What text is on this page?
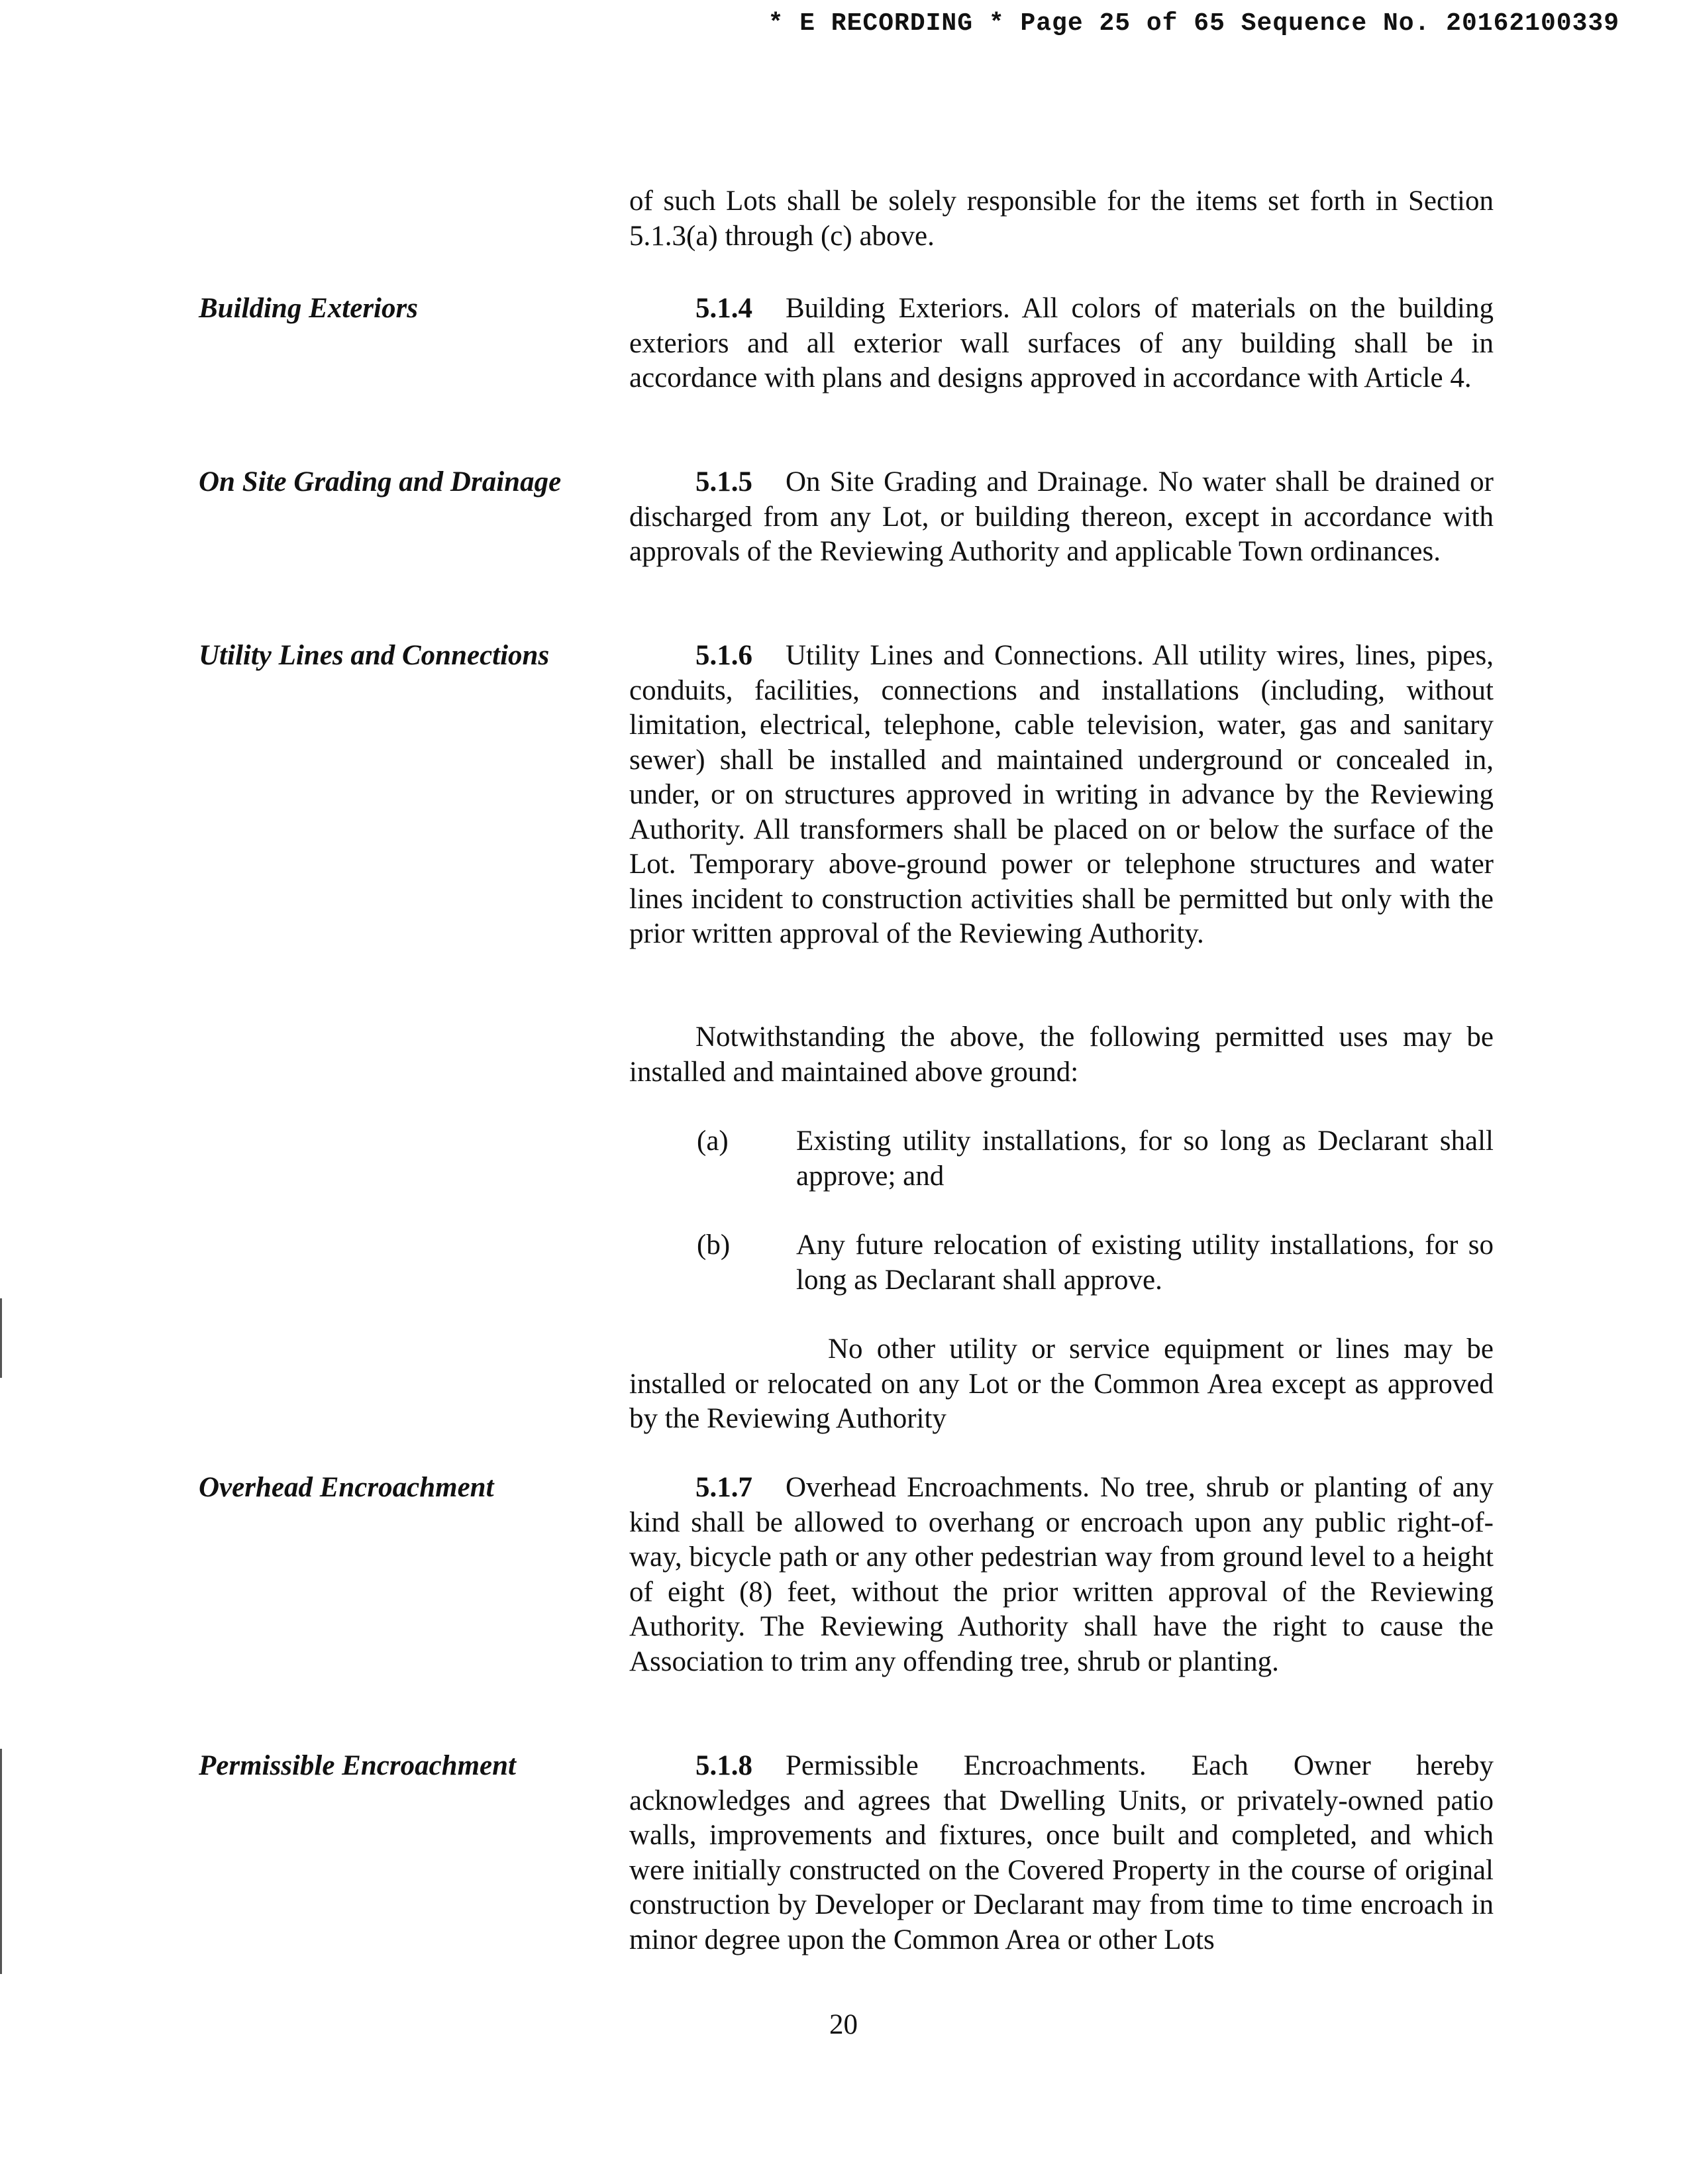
* E RECORDING * Page 25 of 65 Sequence No. 20162100339
of such Lots shall be solely responsible for the items set forth in Section 5.1.3(a) through (c) above.
Building Exteriors	5.1.4 Building Exteriors. All colors of materials on the building exteriors and all exterior wall surfaces of any building shall be in accordance with plans and designs approved in accordance with Article 4.
On Site Grading and Drainage	5.1.5 On Site Grading and Drainage. No water shall be drained or discharged from any Lot, or building thereon, except in accordance with approvals of the Reviewing Authority and applicable Town ordinances.
Utility Lines and Connections	5.1.6 Utility Lines and Connections. All utility wires, lines, pipes, conduits, facilities, connections and installations (including, without limitation, electrical, telephone, cable television, water, gas and sanitary sewer) shall be installed and maintained underground or concealed in, under, or on structures approved in writing in advance by the Reviewing Authority. All transformers shall be placed on or below the surface of the Lot. Temporary above-ground power or telephone structures and water lines incident to construction activities shall be permitted but only with the prior written approval of the Reviewing Authority.
Notwithstanding the above, the following permitted uses may be installed and maintained above ground:
(a) Existing utility installations, for so long as Declarant shall approve; and
(b) Any future relocation of existing utility installations, for so long as Declarant shall approve.
No other utility or service equipment or lines may be installed or relocated on any Lot or the Common Area except as approved by the Reviewing Authority
Overhead Encroachment	5.1.7 Overhead Encroachments. No tree, shrub or planting of any kind shall be allowed to overhang or encroach upon any public right-of-way, bicycle path or any other pedestrian way from ground level to a height of eight (8) feet, without the prior written approval of the Reviewing Authority. The Reviewing Authority shall have the right to cause the Association to trim any offending tree, shrub or planting.
Permissible Encroachment	5.1.8 Permissible Encroachments. Each Owner hereby acknowledges and agrees that Dwelling Units, or privately-owned patio walls, improvements and fixtures, once built and completed, and which were initially constructed on the Covered Property in the course of original construction by Developer or Declarant may from time to time encroach in minor degree upon the Common Area or other Lots
20
